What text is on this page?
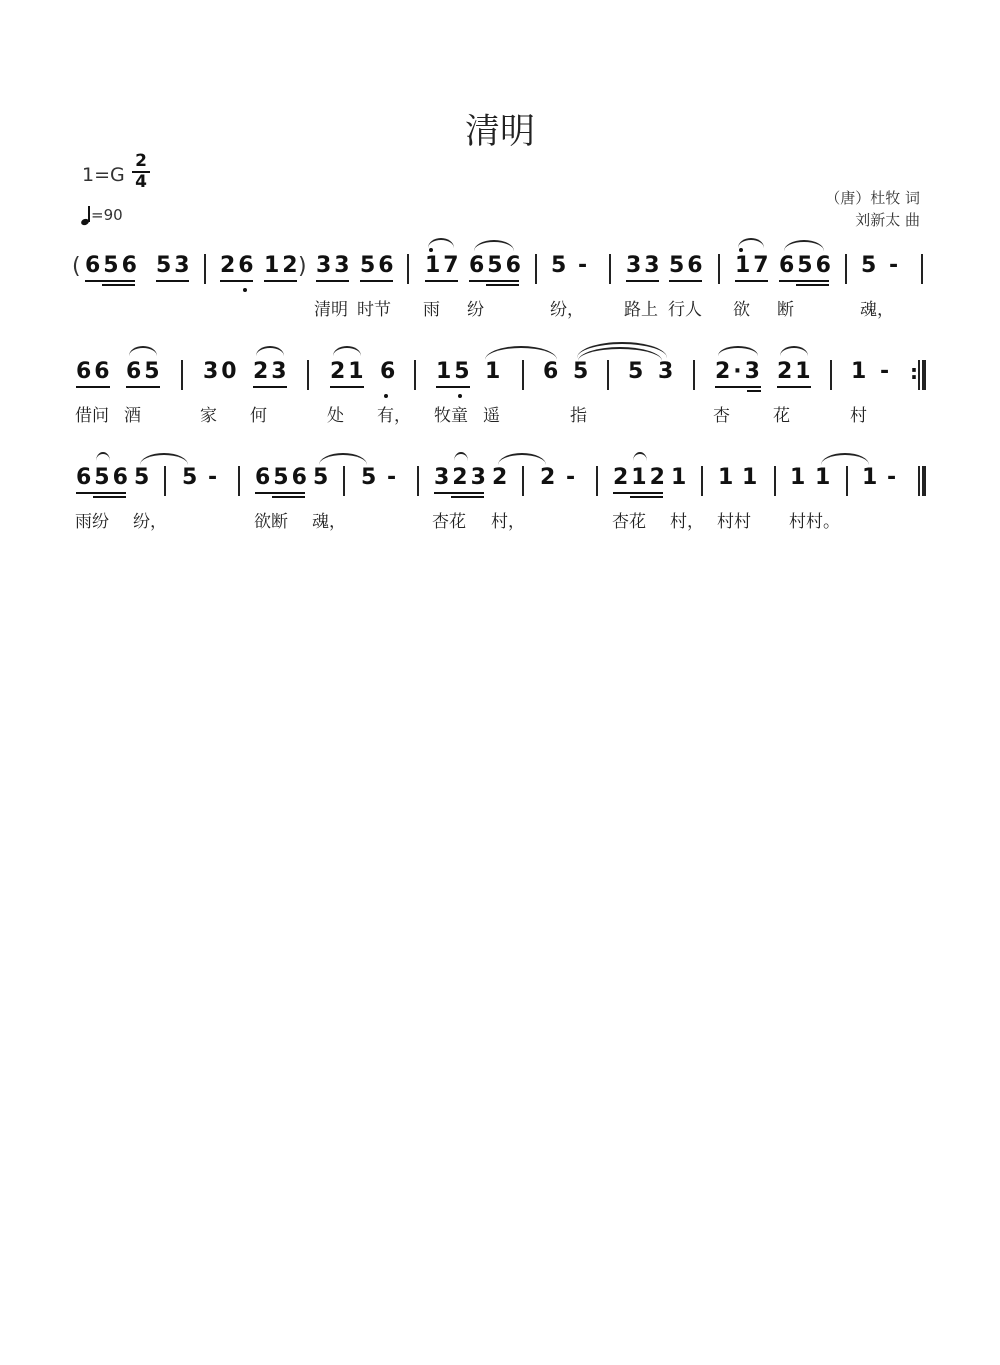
清明
1=G
2
4
=90
（唐）杜牧 词
刘新太 曲
( 656 53 26 12
) 33 56 17 656 5 - 33 56 17 656 5 -
清明 时节 雨 纷	纷， 路上 行人 欲 断	魂，
66 65 30 23 21 6 15 1 6 5 5 3 2·3 21 1 - :
借问 酒	家 何	处 有， 牧童 遥	指	杏	花	村
656 5 5 - 656 5 5 - 323 2 2 - 212 1 1 1 1 1 1 -
雨纷 纷，	欲断 魂，	杏花 村，	杏花 村， 村村 村村。
